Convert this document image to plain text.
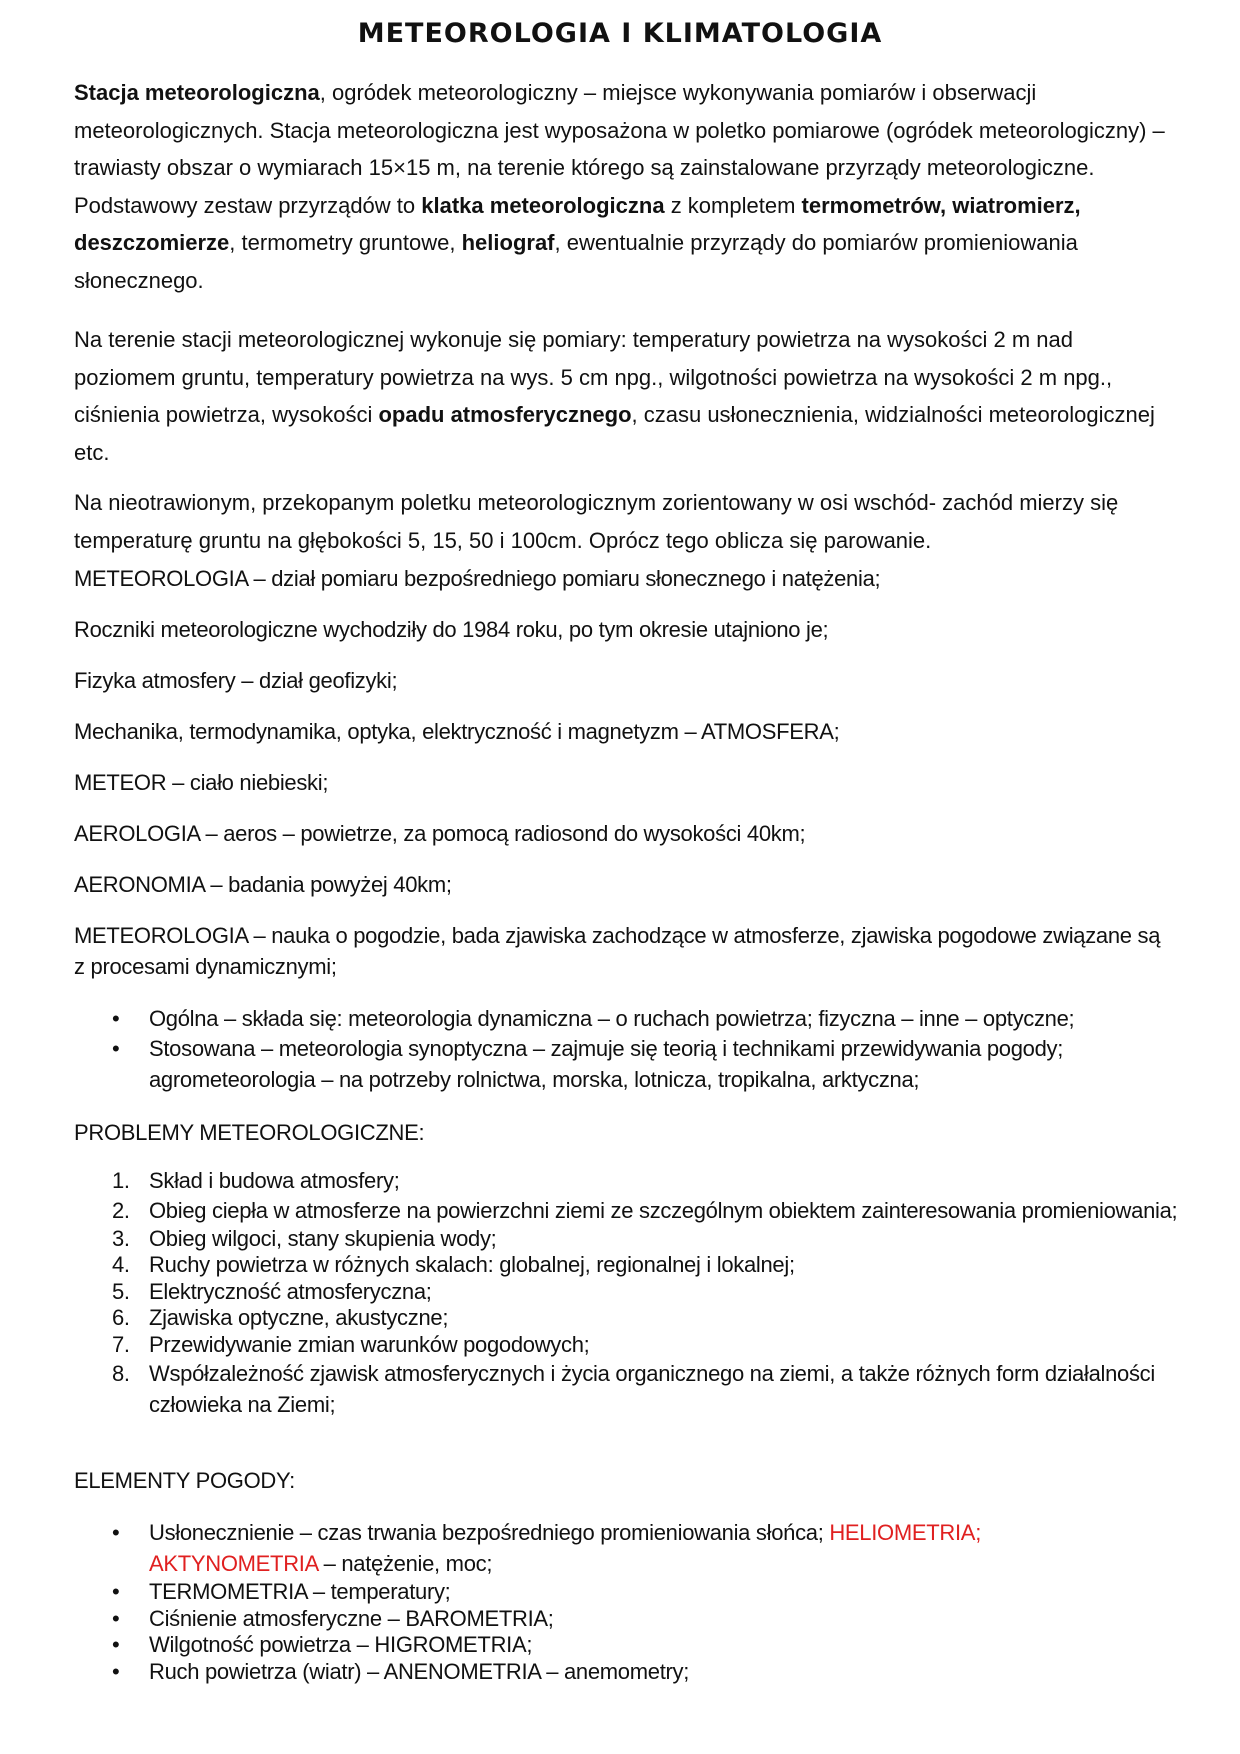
METEOROLOGIA I KLIMATOLOGIA

Stacja meteorologiczna, ogródek meteorologiczny – miejsce wykonywania pomiarów i obserwacji meteorologicznych. Stacja meteorologiczna jest wyposażona w poletko pomiarowe (ogródek meteorologiczny) – trawiasty obszar o wymiarach 15×15 m, na terenie którego są zainstalowane przyrządy meteorologiczne. Podstawowy zestaw przyrządów to klatka meteorologiczna z kompletem termometrów, wiatromierz, deszczomierze, termometry gruntowe, heliograf, ewentualnie przyrządy do pomiarów promieniowania słonecznego.

Na terenie stacji meteorologicznej wykonuje się pomiary: temperatury powietrza na wysokości 2 m nad poziomem gruntu, temperatury powietrza na wys. 5 cm npg., wilgotności powietrza na wysokości 2 m npg., ciśnienia powietrza, wysokości opadu atmosferycznego, czasu usłonecznienia, widzialności meteorologicznej etc.

Na nieotrawionym, przekopanym poletku meteorologicznym zorientowany w osi wschód- zachód mierzy się temperaturę gruntu na głębokości 5, 15, 50 i 100cm. Oprócz tego oblicza się parowanie.

METEOROLOGIA – dział pomiaru bezpośredniego pomiaru słonecznego i natężenia;

Roczniki meteorologiczne wychodziły do 1984 roku, po tym okresie utajniono je;

Fizyka atmosfery – dział geofizyki;

Mechanika, termodynamika, optyka, elektryczność i magnetyzm – ATMOSFERA;

METEOR – ciało niebieski;

AEROLOGIA – aeros – powietrze, za pomocą radiosond do wysokości 40km;

AERONOMIA – badania powyżej 40km;

METEOROLOGIA – nauka o pogodzie, bada zjawiska zachodzące w atmosferze, zjawiska pogodowe związane są z procesami dynamicznymi;

• Ogólna – składa się: meteorologia dynamiczna – o ruchach powietrza; fizyczna – inne – optyczne;
• Stosowana – meteorologia synoptyczna – zajmuje się teorią i technikami przewidywania pogody; agrometeorologia – na potrzeby rolnictwa, morska, lotnicza, tropikalna, arktyczna;

PROBLEMY METEOROLOGICZNE:

1. Skład i budowa atmosfery;
2. Obieg ciepła w atmosferze na powierzchni ziemi ze szczególnym obiektem zainteresowania promieniowania;
3. Obieg wilgoci, stany skupienia wody;
4. Ruchy powietrza w różnych skalach: globalnej, regionalnej i lokalnej;
5. Elektryczność atmosferyczna;
6. Zjawiska optyczne, akustyczne;
7. Przewidywanie zmian warunków pogodowych;
8. Współzależność zjawisk atmosferycznych i życia organicznego na ziemi, a także różnych form działalności człowieka na Ziemi;

ELEMENTY POGODY:

• Usłonecznienie – czas trwania bezpośredniego promieniowania słońca; HELIOMETRIA;
AKTYNOMETRIA – natężenie, moc;
• TERMOMETRIA – temperatury;
• Ciśnienie atmosferyczne – BAROMETRIA;
• Wilgotność powietrza – HIGROMETRIA;
• Ruch powietrza (wiatr) – ANENOMETRIA – anemometry;
